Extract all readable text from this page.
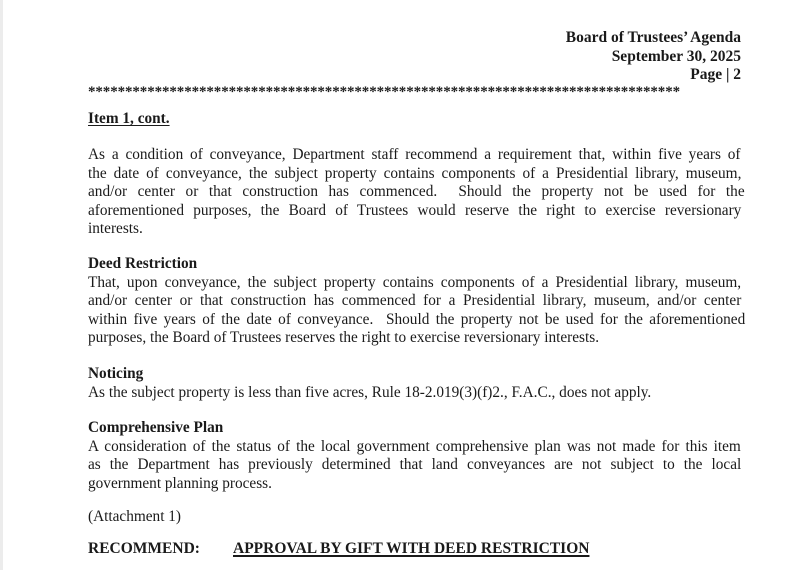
Board of Trustees’ Agenda
September 30, 2025
Page | 2
********************************************************************************
Item 1, cont.
As a condition of conveyance, Department staff recommend a requirement that, within five years of
the date of conveyance, the subject property contains components of a Presidential library, museum,
and/or center or that construction has commenced.  Should the property not be used for the
aforementioned purposes, the Board of Trustees would reserve the right to exercise reversionary
interests.
Deed Restriction
That, upon conveyance, the subject property contains components of a Presidential library, museum,
and/or center or that construction has commenced for a Presidential library, museum, and/or center
within five years of the date of conveyance.  Should the property not be used for the aforementioned
purposes, the Board of Trustees reserves the right to exercise reversionary interests.
Noticing
As the subject property is less than five acres, Rule 18-2.019(3)(f)2., F.A.C., does not apply.
Comprehensive Plan
A consideration of the status of the local government comprehensive plan was not made for this item
as the Department has previously determined that land conveyances are not subject to the local
government planning process.
(Attachment 1)
RECOMMEND: APPROVAL BY GIFT WITH DEED RESTRICTION
